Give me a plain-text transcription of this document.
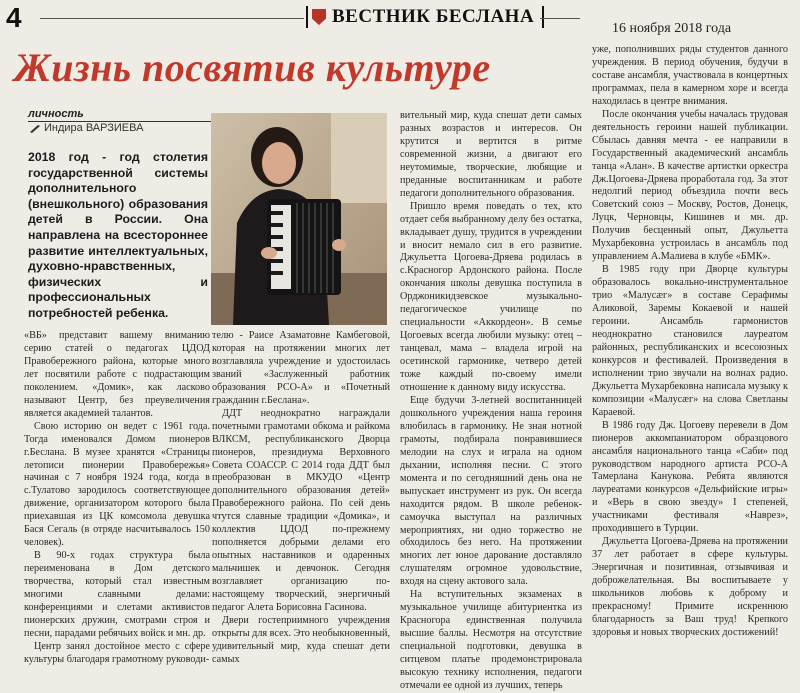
4	ВЕСТНИК БЕСЛАНА
16 ноября 2018 года
Жизнь посвятив культуре
личность
Индира ВАРЗИЕВА
2018 год - год столетия государственной системы дополнительного (внешкольного) образования детей в России. Она направлена на всестороннее развитие интеллектуальных, духовно-нравственных, физических и профессиональных потребностей ребенка.

«ВБ» представит вашему вниманию серию статей о педагогах ЦДОД Правобережного района, которые много лет посвятили работе с подрастающим поколением. «Домик», как ласково называют Центр, без преувеличения является академией талантов.

Свою историю он ведет с 1961 года. Тогда именовался Домом пионеров г.Беслана. В музее хранятся «Страницы летописи пионерии Правобережья» начиная с 7 ноября 1924 года, когда в с.Тулатово зародилось соответствующее движение, организатором которого была приехавшая из ЦК комсомола девушка Бася Сегаль (в отряде насчитывалось 150 человек).

В 90-х годах структура была переименована в Дом детского творчества, который стал известным многими славными делами: конференциями и слетами активистов пионерских дружин, смотрами строя и песни, парадами ребячьих войск и мн. др.

Центр занял достойное место с сфере культуры благодаря грамотному руководи-

телю - Раисе Азаматовне Камбеговой, которая на протяжении многих лет возглавляла учреждение и удостоилась званий «Заслуженный работник образования РСО-А» и «Почетный гражданин г.Беслана».

ДДТ неоднократно награждали почетными грамотами обкома и райкома ВЛКСМ, республиканского Дворца пионеров, президиума Верховного Совета СОАССР. С 2014 года ДДТ был преобразован в МКУДО «Центр дополнительного образования детей» Правобережного района. По сей день чтутся славные традиции «Домика», и коллектив ЦДОД по-прежнему пополняется добрыми делами его опытных наставников и одаренных мальчишек и девчонок. Сегодня возглавляет организацию по-настоящему творческий, энергичный педагог Алета Борисовна Гасинова.

Двери гостеприимного учреждения открыты для всех. Это необыкновенный, удивительный мир, куда спешат дети самых

вительный мир, куда спешат дети самых разных возрастов и интересов. Он крутится и вертится в ритме современной жизни, а двигают его неутомимые, творческие, любящие и преданные воспитанникам и работе педагоги дополнительного образования.

Пришло время поведать о тех, кто отдает себя выбранному делу без остатка, вкладывает душу, трудится в учреждении и вносит немало сил в его развитие. Джульетта Цогоева-Дряева родилась в с.Красногор Ардонского района. После окончания школы девушка поступила в Орджоникидзевское музыкально-педагогическое училище по специальности «Аккордеон». В семье Цогоевых всегда любили музыку: отец – танцевал, мама – владела игрой на осетинской гармонике, четверо детей тоже каждый по-своему имели отношение к данному виду искусства.

Еще будучи 3-летней воспитанницей дошкольного учреждения наша героиня влюбилась в гармонику. Не зная нотной грамоты, подбирала понравившиеся мелодии на слух и играла на одном дыхании, исполняя песни. С этого момента и по сегодняшний день она не выпускает инструмент из рук. Он всегда находится рядом. В школе ребенок-самоучка выступал на различных мероприятиях, ни одно торжество не обходилось без него. На протяжении многих лет юное дарование доставляло слушателям огромное удовольствие, входя на сцену актового зала.

На вступительных экзаменах в музыкальное училище абитуриентка из Красногора единственная получила высшие баллы. Несмотря на отсутствие специальной подготовки, девушка в ситцевом платье продемонстрировала высокую технику исполнения, педагоги отмечали ее одной из лучших, теперь

уже, пополнивших ряды студентов данного учреждения. В период обучения, будучи в составе ансамбля, участвовала в концертных программах, пела в камерном хоре и всегда находилась в центре внимания.

После окончания учебы началась трудовая деятельность героини нашей публикации. Сбылась давняя мечта - ее направили в Государственный академический ансамбль танца «Алан». В качестве артистки оркестра Дж.Цогоева-Дряева проработала год. За этот недолгий период объездила почти весь Советский союз – Москву, Ростов, Донецк, Луцк, Черновцы, Кишинев и мн. др. Получив бесценный опыт, Джульетта Мухарбековна устроилась в ансамбль под управлением А.Малиева в клубе «БМК».

В 1985 году при Дворце культуры образовалось вокально-инструментальное трио «Малусæг» в составе Серафимы Аликовой, Заремы Кокаевой и нашей героини. Ансамбль гармонистов неоднократно становился лауреатом районных, республиканских и всесоюзных конкурсов и фестивалей. Произведения в исполнении трио звучали на волнах радио. Джульетта Мухарбековна написала музыку к композиции «Малусæг» на слова Светланы Караевой.

В 1986 году Дж. Цогоеву перевели в Дом пионеров аккомпаниатором образцового ансамбля национального танца «Саби» под руководством народного артиста РСО-А Тамерлана Канукова. Ребята являются лауреатами конкурсов «Дельфийские игры» и «Верь в свою звезду» I степеней, участниками фестиваля «Наврез», проходившего в Турции.

Джульетта Цогоева-Дряева на протяжении 37 лет работает в сфере культуры. Энергичная и позитивная, отзывчивая и доброжелательная. Вы воспитываете у школьников любовь к доброму и прекрасному! Примите искреннюю благодарность за Ваш труд! Крепкого здоровья и новых творческих достижений!
